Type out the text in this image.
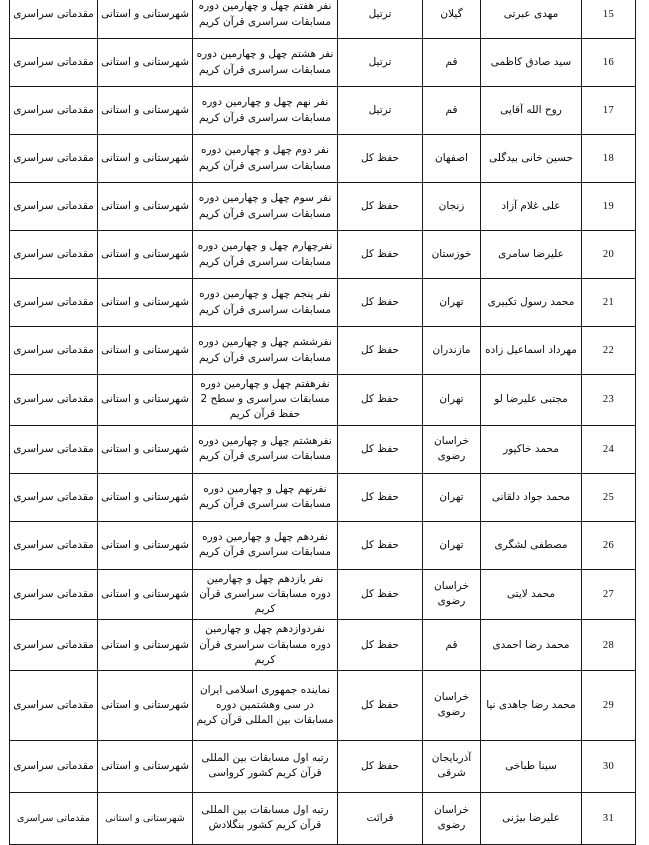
15	مهدی عبرتی	گیلان	ترتیل	نفر هفتم چهل و چهارمین دوره مسابقات سراسری قرآن کریم	شهرستانی و استانی	مقدماتی سراسری
16	سید صادق کاظمی	قم	ترتیل	نفر هشتم چهل و چهارمین دوره مسابقات سراسری قرآن کریم	شهرستانی و استانی	مقدماتی سراسری
17	روح الله آقایی	قم	ترتیل	نفر نهم چهل و چهارمین دوره مسابقات سراسری قرآن کریم	شهرستانی و استانی	مقدماتی سراسری
18	حسین خانی بیدگلی	اصفهان	حفظ کل	نفر دوم چهل و چهارمین دوره مسابقات سراسری قرآن کریم	شهرستانی و استانی	مقدماتی سراسری
19	علی غلام آزاد	زنجان	حفظ کل	نفر سوم چهل و چهارمین دوره مسابقات سراسری قرآن کریم	شهرستانی و استانی	مقدماتی سراسری
20	علیرضا سامری	خوزستان	حفظ کل	نفرچهارم چهل و چهارمین دوره مسابقات سراسری قرآن کریم	شهرستانی و استانی	مقدماتی سراسری
21	محمد رسول تکبیری	تهران	حفظ کل	نفر پنجم چهل و چهارمین دوره مسابقات سراسری قرآن کریم	شهرستانی و استانی	مقدماتی سراسری
22	مهرداد اسماعیل زاده	مازندران	حفظ کل	نفرششم چهل و چهارمین دوره مسابقات سراسری قرآن کریم	شهرستانی و استانی	مقدماتی سراسری
23	مجتبی علیرضا لو	تهران	حفظ کل	نفرهفتم چهل و چهارمین دوره مسابقات سراسری و سطح 2 حفظ قرآن کریم	شهرستانی و استانی	مقدماتی سراسری
24	محمد خاکپور	خراسان رضوی	حفظ کل	نفرهشتم چهل و چهارمین دوره مسابقات سراسری قرآن کریم	شهرستانی و استانی	مقدماتی سراسری
25	محمد جواد دلقانی	تهران	حفظ کل	نفرنهم چهل و چهارمین دوره مسابقات سراسری قرآن کریم	شهرستانی و استانی	مقدماتی سراسری
26	مصطفی لشگری	تهران	حفظ کل	نفردهم چهل و چهارمین دوره مسابقات سراسری قرآن کریم	شهرستانی و استانی	مقدماتی سراسری
27	محمد لایتی	خراسان رضوی	حفظ کل	نفر یازدهم چهل و چهارمین دوره مسابقات سراسری قرآن کریم	شهرستانی و استانی	مقدماتی سراسری
28	محمد رضا احمدی	قم	حفظ کل	نفردوازدهم چهل و چهارمین دوره مسابقات سراسری قرآن کریم	شهرستانی و استانی	مقدماتی سراسری
29	محمد رضا جاهدی نیا	خراسان رضوی	حفظ کل	نماینده جمهوری اسلامی ایران در سی وهشتمین دوره مسابقات بین المللی قرآن کریم	شهرستانی و استانی	مقدماتی سراسری
30	سینا طباخی	آذربایجان شرقی	حفظ کل	رتبه اول مسابقات بین المللی قرآن کریم کشور کرواسی	شهرستانی و استانی	مقدماتی سراسری
31	علیرضا بیژنی	خراسان رضوی	قرائت	رتبه اول مسابقات بین المللی قرآن کریم کشور بنگلادش	شهرستانی و استانی	مقدماتی سراسری
